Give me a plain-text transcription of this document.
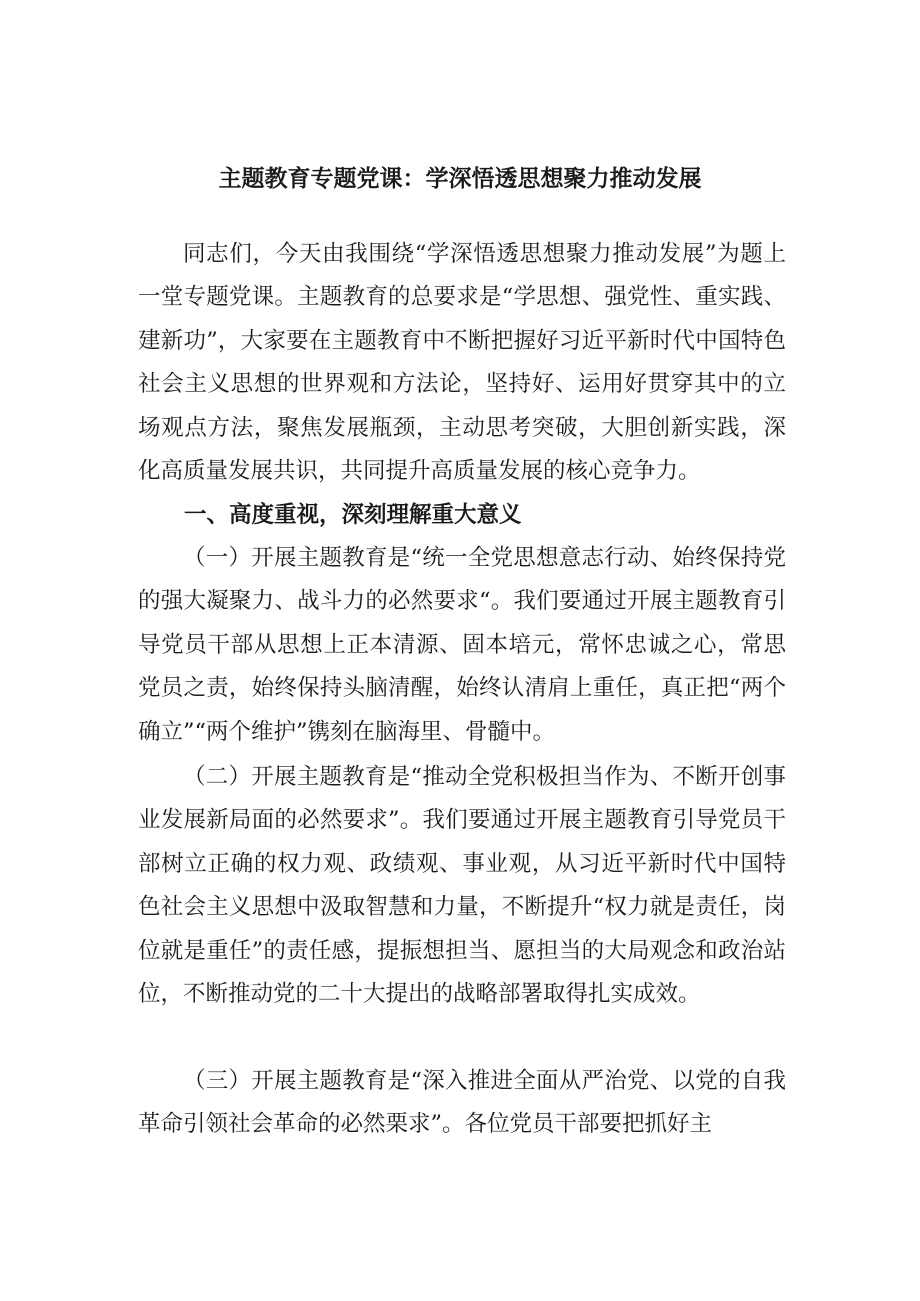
主题教育专题党课：学深悟透思想聚力推动发展

同志们，今天由我围绕“学深悟透思想聚力推动发展”为题上一堂专题党课。主题教育的总要求是“学思想、强党性、重实践、建新功”，大家要在主题教育中不断把握好习近平新时代中国特色社会主义思想的世界观和方法论，坚持好、运用好贯穿其中的立场观点方法，聚焦发展瓶颈，主动思考突破，大胆创新实践，深化高质量发展共识，共同提升高质量发展的核心竞争力。

一、高度重视，深刻理解重大意义

（一）开展主题教育是“统一全党思想意志行动、始终保持党的强大凝聚力、战斗力的必然要求“。我们要通过开展主题教育引导党员干部从思想上正本清源、固本培元，常怀忠诚之心，常思党员之责，始终保持头脑清醒，始终认清肩上重任，真正把“两个确立”“两个维护”镌刻在脑海里、骨髓中。

（二）开展主题教育是“推动全党积极担当作为、不断开创事业发展新局面的必然要求”。我们要通过开展主题教育引导党员干部树立正确的权力观、政绩观、事业观，从习近平新时代中国特色社会主义思想中汲取智慧和力量，不断提升“权力就是责任，岗位就是重任”的责任感，提振想担当、愿担当的大局观念和政治站位，不断推动党的二十大提出的战略部署取得扎实成效。

（三）开展主题教育是“深入推进全面从严治党、以党的自我革命引领社会革命的必然栗求”。各位党员干部要把抓好主
